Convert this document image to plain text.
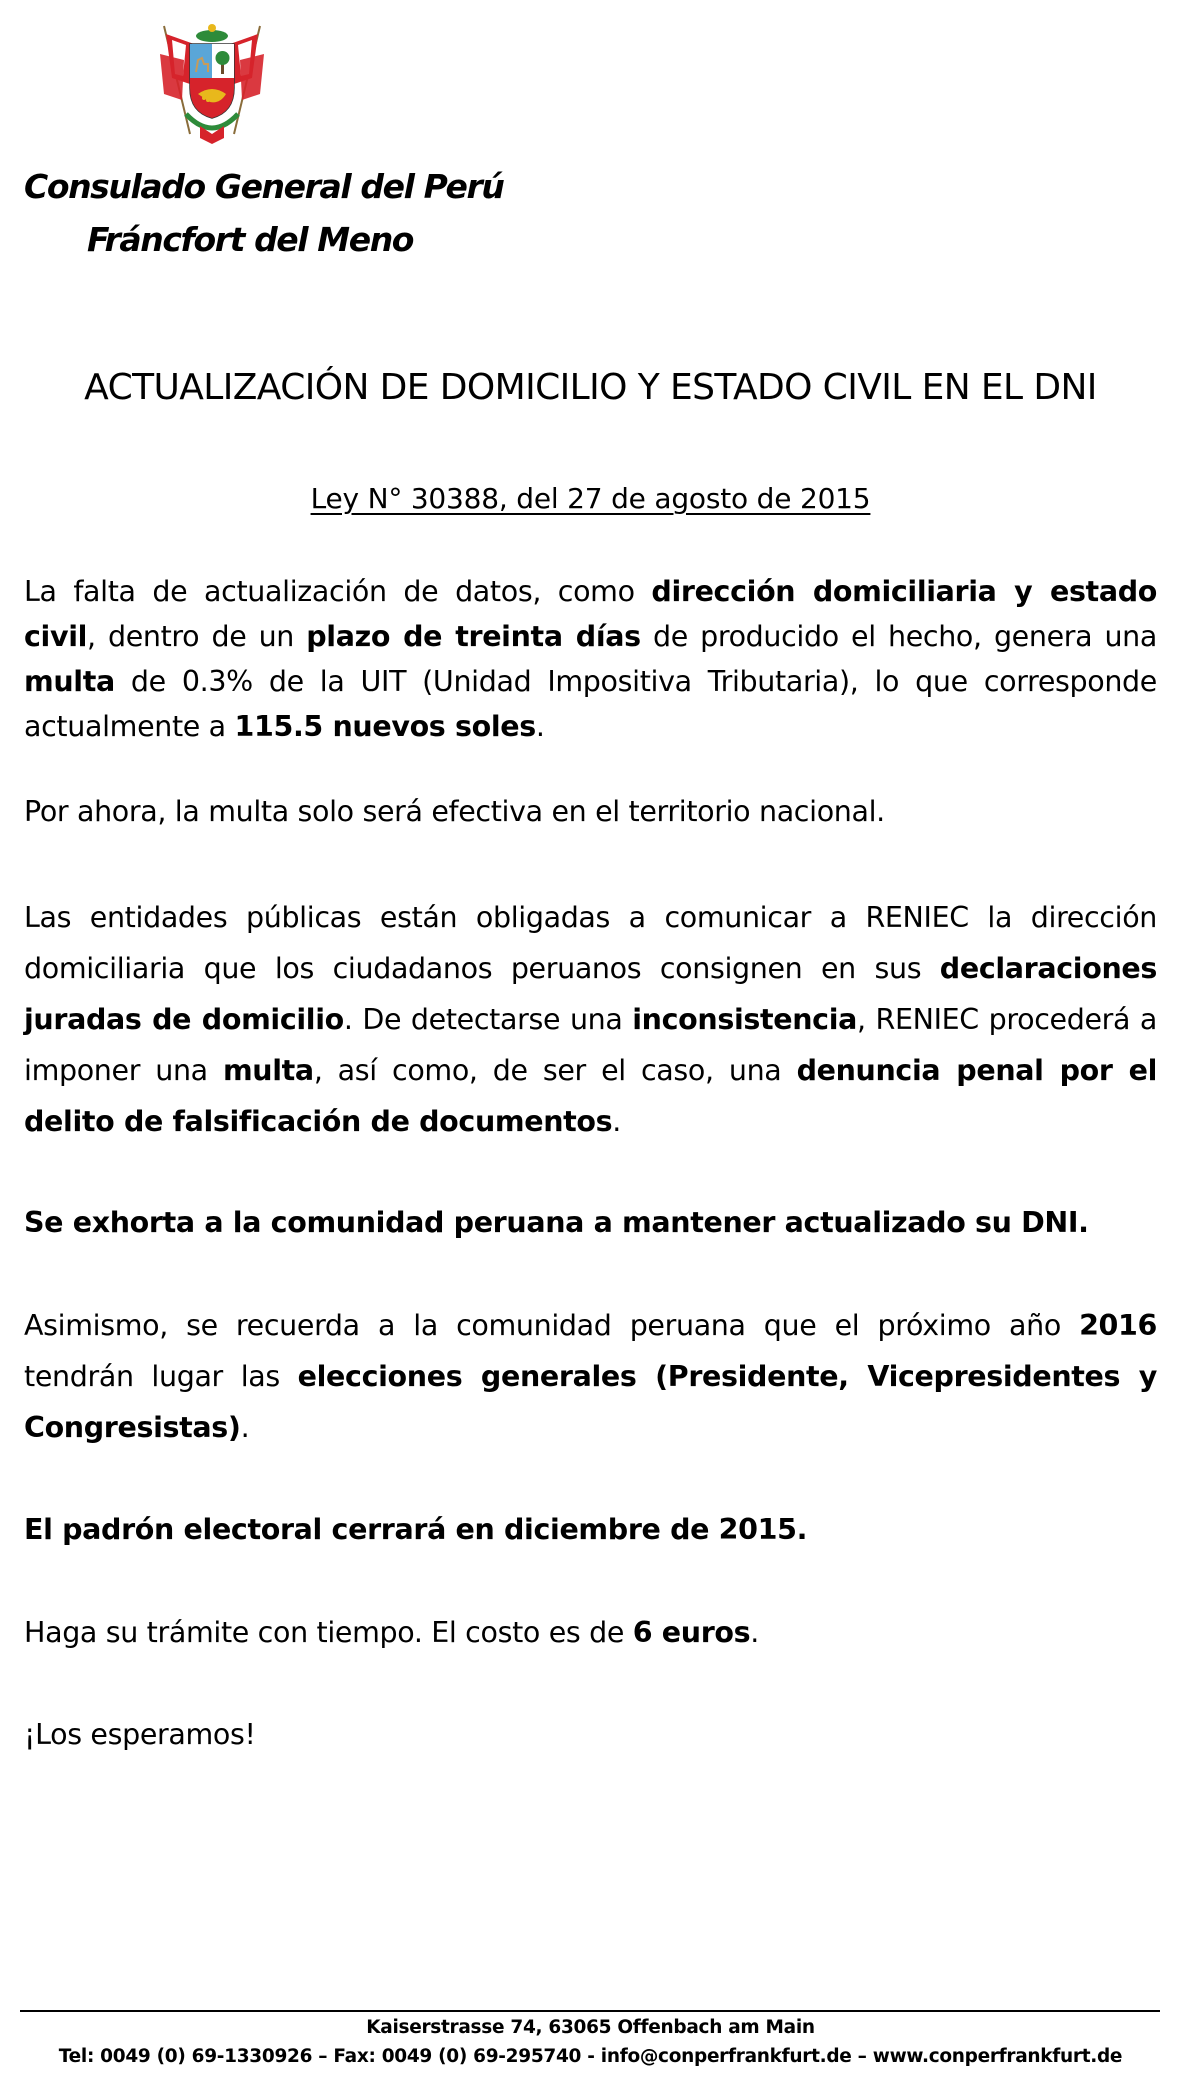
Consulado General del Perú
Fráncfort del Meno
ACTUALIZACIÓN DE DOMICILIO Y ESTADO CIVIL EN EL DNI
Ley N° 30388, del 27 de agosto de 2015
La falta de actualización de datos, como dirección domiciliaria y estado civil, dentro de un plazo de treinta días de producido el hecho, genera una multa de 0.3% de la UIT (Unidad Impositiva Tributaria), lo que corresponde actualmente a 115.5 nuevos soles.
Por ahora, la multa solo será efectiva en el territorio nacional.
Las entidades públicas están obligadas a comunicar a RENIEC la dirección domiciliaria que los ciudadanos peruanos consignen en sus declaraciones juradas de domicilio. De detectarse una inconsistencia, RENIEC procederá a imponer una multa, así como, de ser el caso, una denuncia penal por el delito de falsificación de documentos.
Se exhorta a la comunidad peruana a mantener actualizado su DNI.
Asimismo, se recuerda a la comunidad peruana que el próximo año 2016 tendrán lugar las elecciones generales (Presidente, Vicepresidentes y Congresistas).
El padrón electoral cerrará en diciembre de 2015.
Haga su trámite con tiempo. El costo es de 6 euros.
¡Los esperamos!
Kaiserstrasse 74, 63065 Offenbach am Main
Tel: 0049 (0) 69-1330926 – Fax: 0049 (0) 69-295740 - info@conperfrankfurt.de – www.conperfrankfurt.de
